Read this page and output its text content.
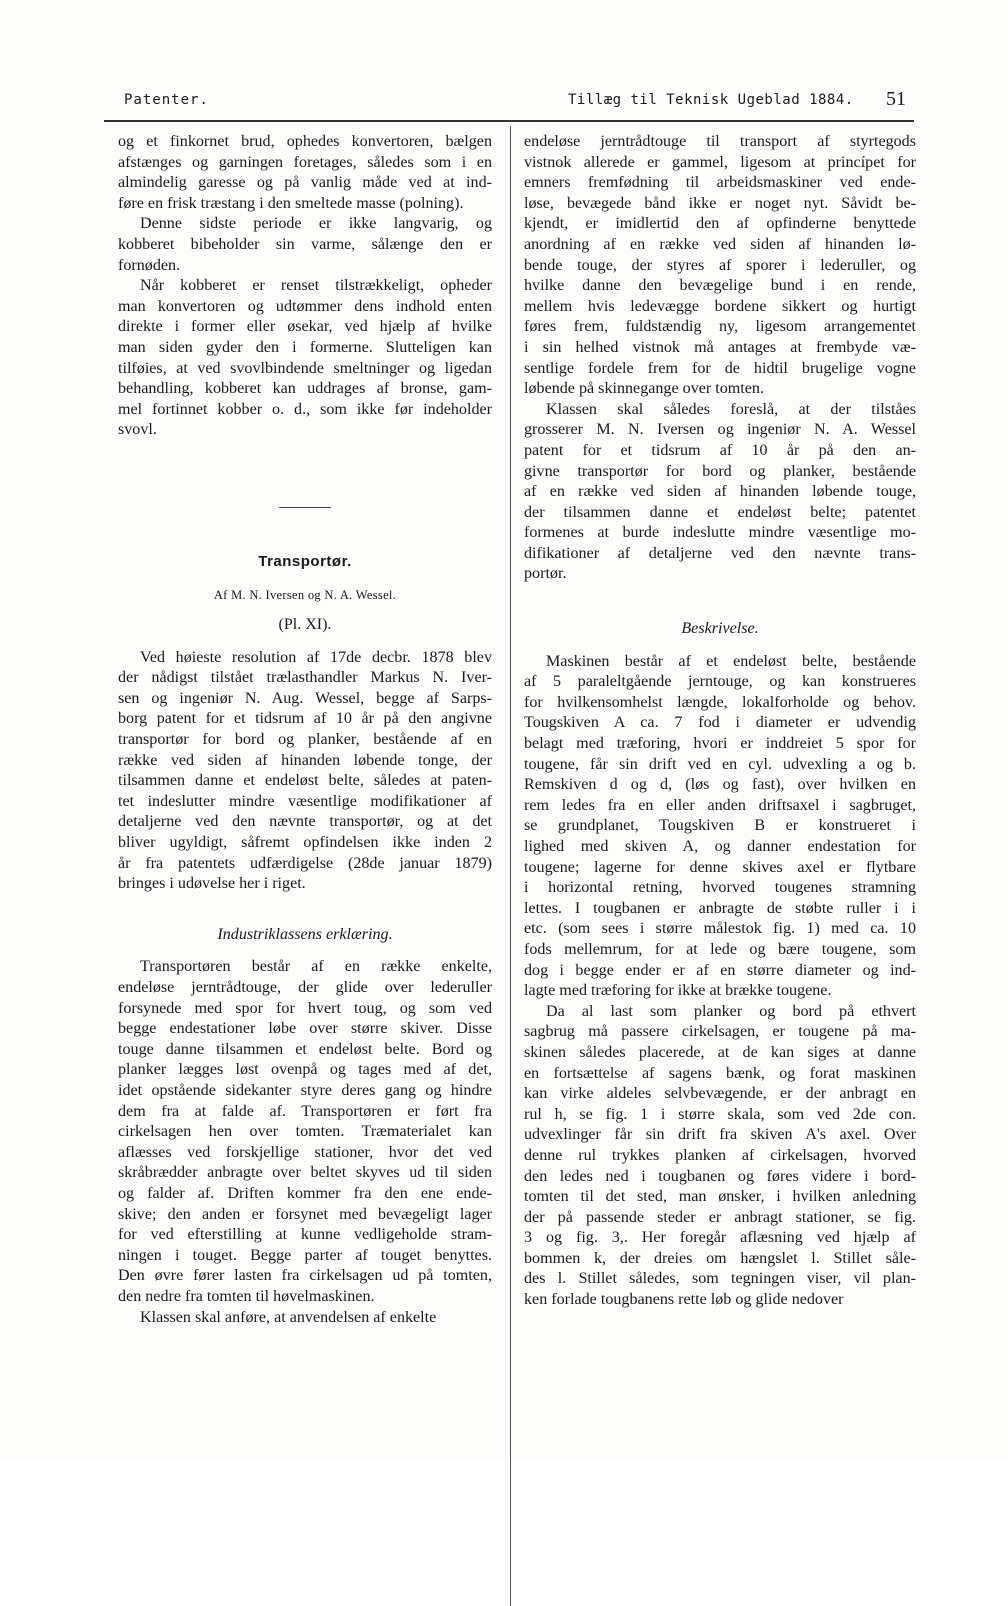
Patenter.	Tillæg til Teknisk Ugeblad 1884. 51

og et finkornet brud, ophedes konvertoren, bælgen
afstænges og garningen foretages, således som i en
almindelig garesse og på vanlig måde ved at ind-
føre en frisk træstang i den smeltede masse (polning).

Denne sidste periode er ikke langvarig, og
kobberet bibeholder sin varme, sålænge den er
fornøden.

Når kobberet er renset tilstrækkeligt, opheder
man konvertoren og udtømmer dens indhold enten
direkte i former eller øsekar, ved hjælp af hvilke
man siden gyder den i formerne. Slutteligen kan
tilføies, at ved svovlbindende smeltninger og ligedan
behandling, kobberet kan uddrages af bronse, gam-
mel fortinnet kobber o. d., som ikke før indeholder
svovl.

Transportør.
Af M. N. Iversen og N. A. Wessel.
(Pl. XI).

Ved høieste resolution af 17de decbr. 1878 blev
der nådigst tilstået trælasthandler Markus N. Iver-
sen og ingeniør N. Aug. Wessel, begge af Sarps-
borg patent for et tidsrum af 10 år på den angivne
transportør for bord og planker, bestående af en
række ved siden af hinanden løbende tonge, der
tilsammen danne et endeløst belte, således at paten-
tet indeslutter mindre væsentlige modifikationer af
detaljerne ved den nævnte transportør, og at det
bliver ugyldigt, såfremt opfindelsen ikke inden 2
år fra patentets udfærdigelse (28de januar 1879)
bringes i udøvelse her i riget.

Industriklassens erklæring.

Transportøren består af en række enkelte,
endeløse jerntrådtouge, der glide over lederuller
forsynede med spor for hvert toug, og som ved
begge endestationer løbe over større skiver. Disse
touge danne tilsammen et endeløst belte. Bord og
planker lægges løst ovenpå og tages med af det,
idet opstående sidekanter styre deres gang og hindre
dem fra at falde af. Transportøren er ført fra
cirkelsagen hen over tomten. Træmaterialet kan
aflæsses ved forskjellige stationer, hvor det ved
skråbrædder anbragte over beltet skyves ud til siden
og falder af. Driften kommer fra den ene ende-
skive; den anden er forsynet med bevægeligt lager
for ved efterstilling at kunne vedligeholde stram-
ningen i touget. Begge parter af touget benyttes.
Den øvre fører lasten fra cirkelsagen ud på tomten,
den nedre fra tomten til høvelmaskinen.

Klassen skal anføre, at anvendelsen af enkelte

endeløse jerntrådtouge til transport af styrtegods
vistnok allerede er gammel, ligesom at princípet for
emners fremfødning til arbeidsmaskiner ved ende-
løse, bevægede bånd ikke er noget nyt. Såvidt be-
kjendt, er imidlertid den af opfinderne benyttede
anordning af en række ved siden af hinanden lø-
bende touge, der styres af sporer i lederuller, og
hvilke danne den bevægelige bund i en rende,
mellem hvis ledevægge bordene sikkert og hurtigt
føres frem, fuldstændig ny, ligesom arrangementet
i sin helhed vistnok må antages at frembyde væ-
sentlige fordele frem for de hidtil brugelige vogne
løbende på skinnegange over tomten.

Klassen skal således foreslå, at der tilståes
grosserer M. N. Iversen og ingeniør N. A. Wessel
patent for et tidsrum af 10 år på den an-
givne transportør for bord og planker, bestående
af en række ved siden af hinanden løbende touge,
der tilsammen danne et endeløst belte; patentet
formenes at burde indeslutte mindre væsentlige mo-
difikationer af detaljerne ved den nævnte trans-
portør.

Beskrivelse.

Maskinen består af et endeløst belte, bestående
af 5 paraleltgående jerntouge, og kan konstrueres
for hvilkensomhelst længde, lokalforholde og behov.
Tougskiven A ca. 7 fod i diameter er udvendig
belagt med træforing, hvori er inddreiet 5 spor for
tougene, får sin drift ved en cyl. udvexling a og b.
Remskiven d og d, (løs og fast), over hvilken en
rem ledes fra en eller anden driftsaxel i sagbruget,
se grundplanet, Tougskiven B er konstrueret i
lighed med skiven A, og danner endestation for
tougene; lagerne for denne skives axel er flytbare
i horizontal retning, hvorved tougenes stramning
lettes. I tougbanen er anbragte de støbte ruller i i
etc. (som sees i større målestok fig. 1) med ca. 10
fods mellemrum, for at lede og bære tougene, som
dog i begge ender er af en større diameter og ind-
lagte med træforing for ikke at brække tougene.

Da al last som planker og bord på ethvert
sagbrug må passere cirkelsagen, er tougene på ma-
skinen således placerede, at de kan siges at danne
en fortsættelse af sagens bænk, og forat maskinen
kan virke aldeles selvbevægende, er der anbragt en
rul h, se fig. 1 i større skala, som ved 2de con.
udvexlinger får sin drift fra skiven A's axel. Over
denne rul trykkes planken af cirkelsagen, hvorved
den ledes ned i tougbanen og føres videre i bord-
tomten til det sted, man ønsker, i hvilken anledning
der på passende steder er anbragt stationer, se fig.
3 og fig. 3,. Her foregår aflæsning ved hjælp af
bommen k, der dreies om hængslet l. Stillet såle-
des l. Stillet således, som tegningen viser, vil plan-
ken forlade tougbanens rette løb og glide nedover
